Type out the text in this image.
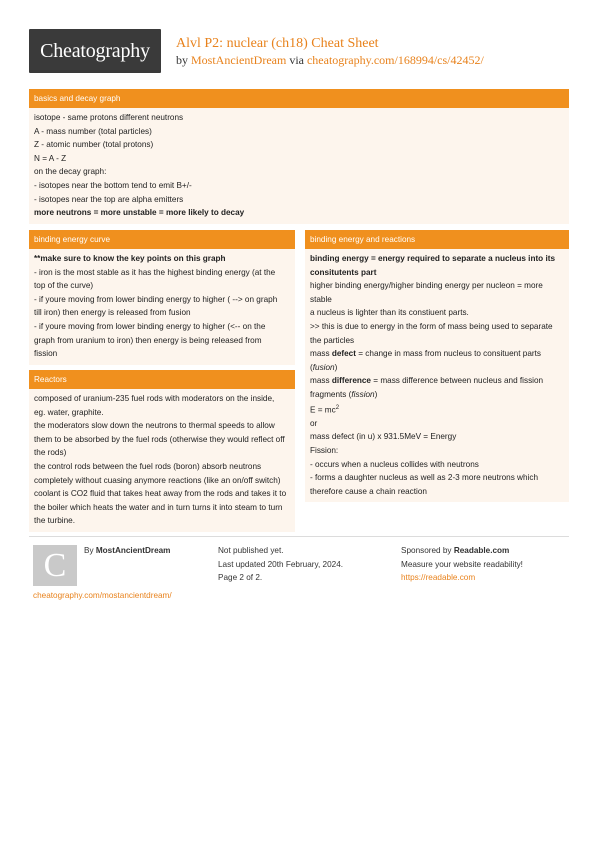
Cheatography Alvl P2: nuclear (ch18) Cheat Sheet
by MostAncientDream via cheatography.com/168994/cs/42452/
basics and decay graph
isotope - same protons different neutrons
A - mass number (total particles)
Z - atomic number (total protons)
N = A - Z
on the decay graph:
- isotopes near the bottom tend to emit B+/-
- isotopes near the top are alpha emitters
more neutrons = more unstable = more likely to decay
binding energy curve
**make sure to know the key points on this graph
- iron is the most stable as it has the highest binding energy (at the
top of the curve)
- if youre moving from lower binding energy to higher ( --> on graph
till iron) then energy is released from fusion
- if youre moving from lower binding energy to higher (<-- on the
graph from uranium to iron) then energy is being released from
fission
Reactors
composed of uranium-235 fuel rods with moderators on the inside,
eg. water, graphite.
the moderators slow down the neutrons to thermal speeds to allow
them to be absorbed by the fuel rods (otherwise they would reflect off
the rods)
the control rods between the fuel rods (boron) absorb neutrons
completely without cuasing anymore reactions (like an on/off switch)
coolant is CO2 fluid that takes heat away from the rods and takes it to
the boiler which heats the water and in turn turns it into steam to turn
the turbine.
binding energy and reactions
binding energy = energy required to separate a nucleus into its
consitutents part
higher binding energy/higher binding energy per nucleon = more
stable
a nucleus is lighter than its constiuent parts.
>> this is due to energy in the form of mass being used to separate
the particles
mass defect = change in mass from nucleus to consituent parts
(fusion)
mass difference = mass difference between nucleus and fission
fragments (fission)
$E = mc^2$
or
mass defect (in u) x 931.5MeV = Energy
Fission:
- occurs when a nucleus collides with neutrons
- forms a daughter nucleus as well as 2-3 more neutrons which
therefore cause a chain reaction
C By MostAncientDream	Not published yet.
Last updated 20th February, 2024.
Page 2 of 2.
Sponsored by Readable.com
Measure your website readability!
https://readable.com
cheatography.com/mostancientdream/
